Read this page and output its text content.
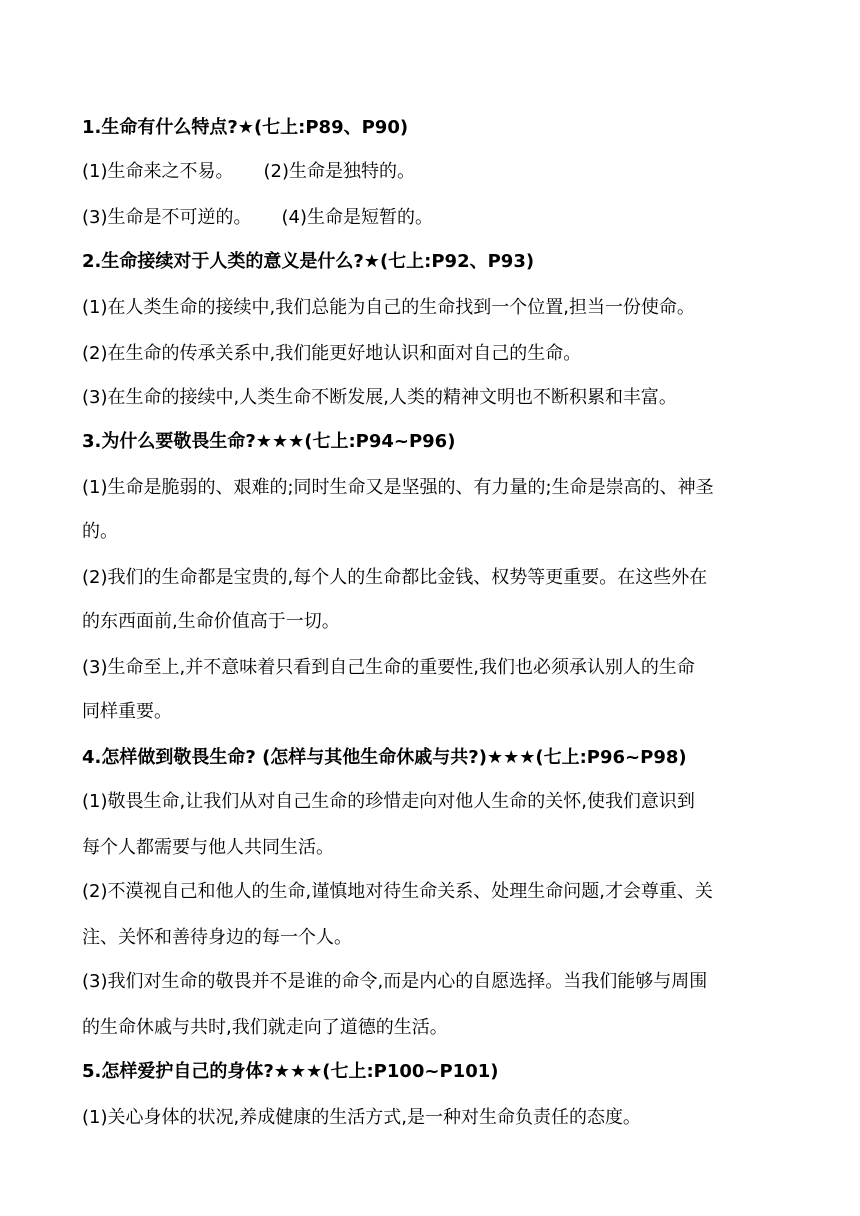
1.生命有什么特点?★(七上:P89、P90)
(1)生命来之不易。 (2)生命是独特的。
(3)生命是不可逆的。 (4)生命是短暂的。
2.生命接续对于人类的意义是什么?★(七上:P92、P93)
(1)在人类生命的接续中,我们总能为自己的生命找到一个位置,担当一份使命。
(2)在生命的传承关系中,我们能更好地认识和面对自己的生命。
(3)在生命的接续中,人类生命不断发展,人类的精神文明也不断积累和丰富。
3.为什么要敬畏生命?★★★(七上:P94~P96)
(1)生命是脆弱的、艰难的;同时生命又是坚强的、有力量的;生命是崇高的、神圣
的。
(2)我们的生命都是宝贵的,每个人的生命都比金钱、权势等更重要。在这些外在
的东西面前,生命价值高于一切。
(3)生命至上,并不意味着只看到自己生命的重要性,我们也必须承认别人的生命
同样重要。
4.怎样做到敬畏生命? (怎样与其他生命休戚与共?)★★★(七上:P96~P98)
(1)敬畏生命,让我们从对自己生命的珍惜走向对他人生命的关怀,使我们意识到
每个人都需要与他人共同生活。
(2)不漠视自己和他人的生命,谨慎地对待生命关系、处理生命问题,才会尊重、关
注、关怀和善待身边的每一个人。
(3)我们对生命的敬畏并不是谁的命令,而是内心的自愿选择。当我们能够与周围
的生命休戚与共时,我们就走向了道德的生活。
5.怎样爱护自己的身体?★★★(七上:P100~P101)
(1)关心身体的状况,养成健康的生活方式,是一种对生命负责任的态度。
